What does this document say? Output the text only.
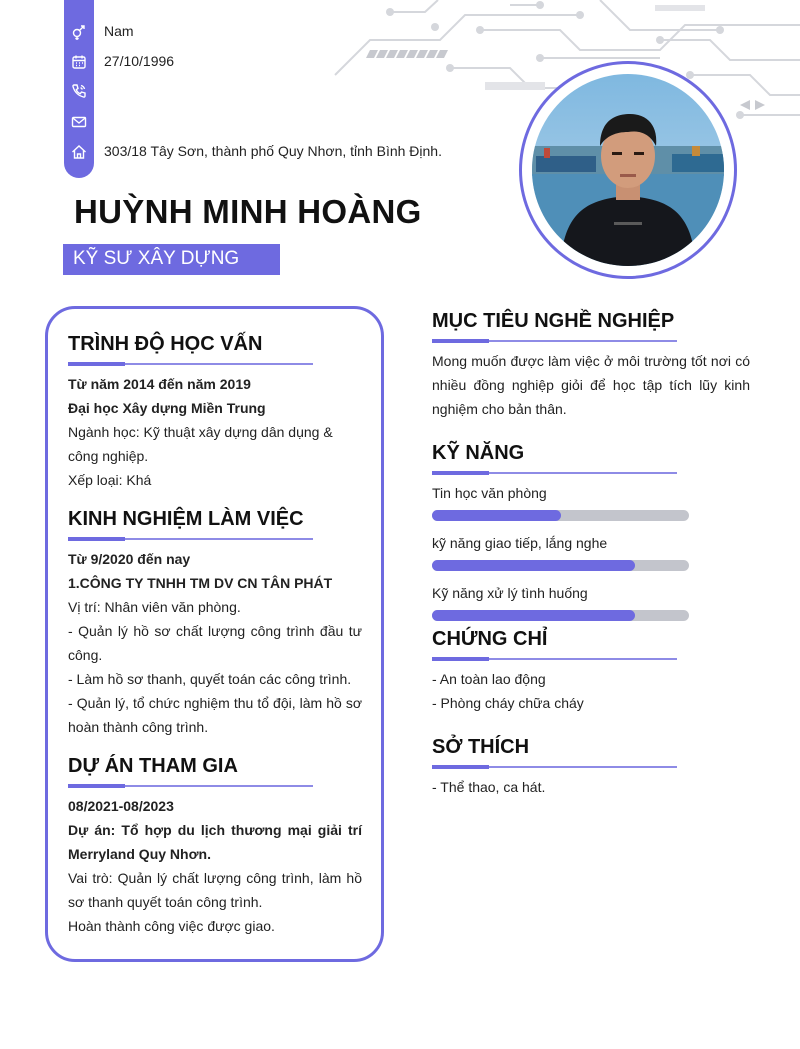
Nam
27/10/1996
303/18 Tây Sơn, thành phố Quy Nhơn, tỉnh Bình Định.
HUỲNH MINH HOÀNG
KỸ SƯ XÂY DỰNG
TRÌNH ĐỘ HỌC VẤN

Từ năm 2014 đến năm 2019

Đại học Xây dựng Miền Trung

Ngành học: Kỹ thuật xây dựng dân dụng & công nghiệp.

Xếp loại: Khá

KINH NGHIỆM LÀM VIỆC

Từ 9/2020 đến nay

1.CÔNG TY TNHH TM DV CN TÂN PHÁT

Vị trí: Nhân viên văn phòng.

- Quản lý hồ sơ chất lượng công trình đầu tư công.

- Làm hồ sơ thanh, quyết toán các công trình.

- Quản lý, tổ chức nghiệm thu tổ đội, làm hồ sơ hoàn thành công trình.

DỰ ÁN THAM GIA

08/2021-08/2023

Dự án: Tổ hợp du lịch thương mại giải trí Merryland Quy Nhơn.

Vai trò: Quản lý chất lượng công trình, làm hồ sơ thanh quyết toán công trình.

Hoàn thành công việc được giao.

MỤC TIÊU NGHỀ NGHIỆP

Mong muốn được làm việc ở môi trường tốt nơi có nhiều đồng nghiệp giỏi để học tập tích lũy kinh nghiệm cho bản thân.

KỸ NĂNG
Tin học văn phòng
kỹ năng giao tiếp, lắng nghe
Kỹ năng xử lý tình huống
CHỨNG CHỈ

- An toàn lao động

- Phòng cháy chữa cháy

SỞ THÍCH

- Thể thao, ca hát.
